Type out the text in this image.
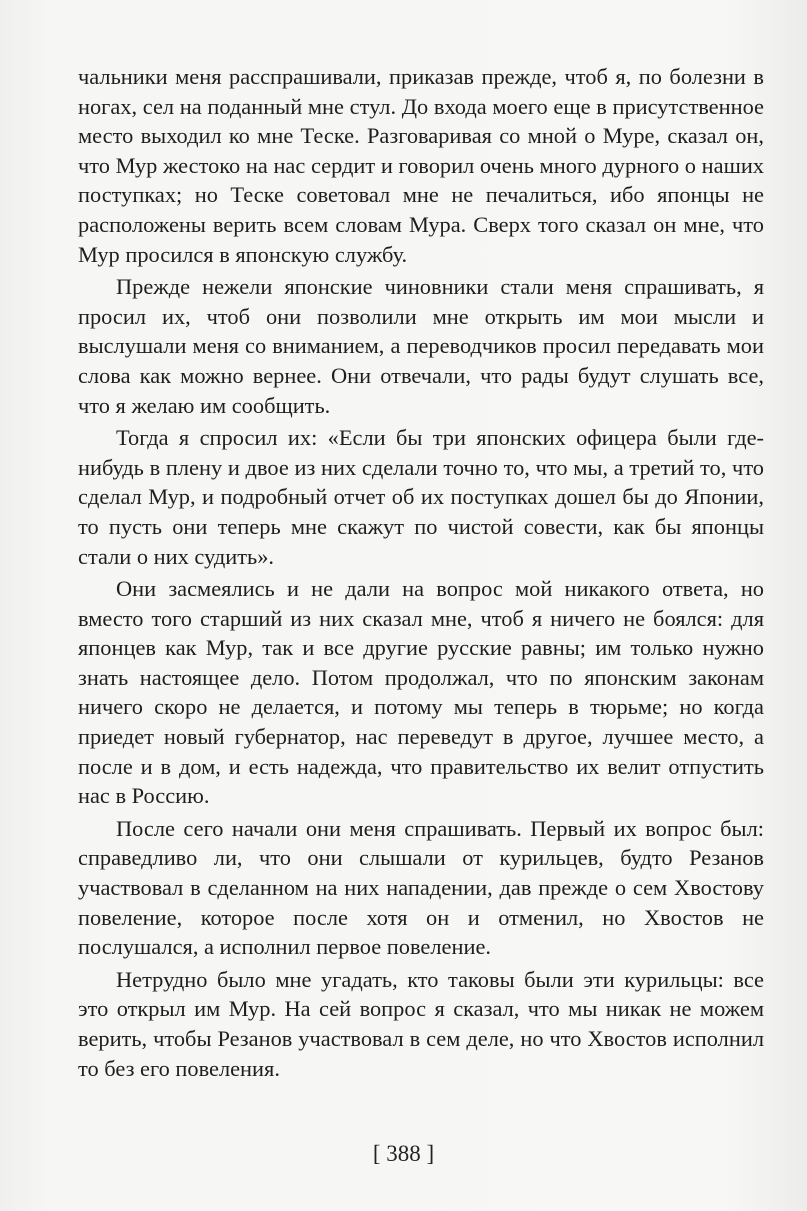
чальники меня расспрашивали, приказав прежде, чтоб я, по болезни в ногах, сел на поданный мне стул. До входа моего еще в присутственное место выходил ко мне Теске. Разговаривая со мной о Муре, сказал он, что Мур жестоко на нас сердит и говорил очень много дурного о наших поступках; но Теске советовал мне не печалиться, ибо японцы не расположены верить всем словам Мура. Сверх того сказал он мне, что Мур просился в японскую службу.

Прежде нежели японские чиновники стали меня спрашивать, я просил их, чтоб они позволили мне открыть им мои мысли и выслушали меня со вниманием, а переводчиков просил передавать мои слова как можно вернее. Они отвечали, что рады будут слушать все, что я желаю им сообщить.

Тогда я спросил их: «Если бы три японских офицера были где-нибудь в плену и двое из них сделали точно то, что мы, а третий то, что сделал Мур, и подробный отчет об их поступках дошел бы до Японии, то пусть они теперь мне скажут по чистой совести, как бы японцы стали о них судить».

Они засмеялись и не дали на вопрос мой никакого ответа, но вместо того старший из них сказал мне, чтоб я ничего не боялся: для японцев как Мур, так и все другие русские равны; им только нужно знать настоящее дело. Потом продолжал, что по японским законам ничего скоро не делается, и потому мы теперь в тюрьме; но когда приедет новый губернатор, нас переведут в другое, лучшее место, а после и в дом, и есть надежда, что правительство их велит отпустить нас в Россию.

После сего начали они меня спрашивать. Первый их вопрос был: справедливо ли, что они слышали от курильцев, будто Резанов участвовал в сделанном на них нападении, дав прежде о сем Хвостову повеление, которое после хотя он и отменил, но Хвостов не послушался, а исполнил первое повеление.

Нетрудно было мне угадать, кто таковы были эти курильцы: все это открыл им Мур. На сей вопрос я сказал, что мы никак не можем верить, чтобы Резанов участвовал в сем деле, но что Хвостов исполнил то без его повеления.

[ 388 ]
